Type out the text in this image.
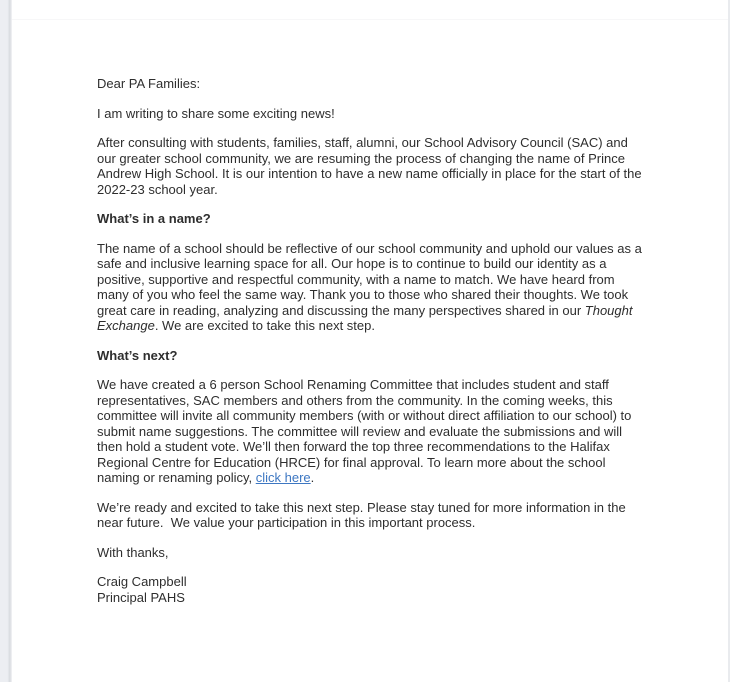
Dear PA Families:

I am writing to share some exciting news!

After consulting with students, families, staff, alumni, our School Advisory Council (SAC) and our greater school community, we are resuming the process of changing the name of Prince Andrew High School. It is our intention to have a new name officially in place for the start of the 2022-23 school year.

What’s in a name?

The name of a school should be reflective of our school community and uphold our values as a safe and inclusive learning space for all. Our hope is to continue to build our identity as a positive, supportive and respectful community, with a name to match. We have heard from many of you who feel the same way. Thank you to those who shared their thoughts. We took great care in reading, analyzing and discussing the many perspectives shared in our Thought Exchange. We are excited to take this next step.

What’s next?

We have created a 6 person School Renaming Committee that includes student and staff representatives, SAC members and others from the community. In the coming weeks, this committee will invite all community members (with or without direct affiliation to our school) to submit name suggestions. The committee will review and evaluate the submissions and will then hold a student vote. We’ll then forward the top three recommendations to the Halifax Regional Centre for Education (HRCE) for final approval. To learn more about the school naming or renaming policy, click here.

We’re ready and excited to take this next step. Please stay tuned for more information in the near future.  We value your participation in this important process.

With thanks,

Craig Campbell
Principal PAHS
